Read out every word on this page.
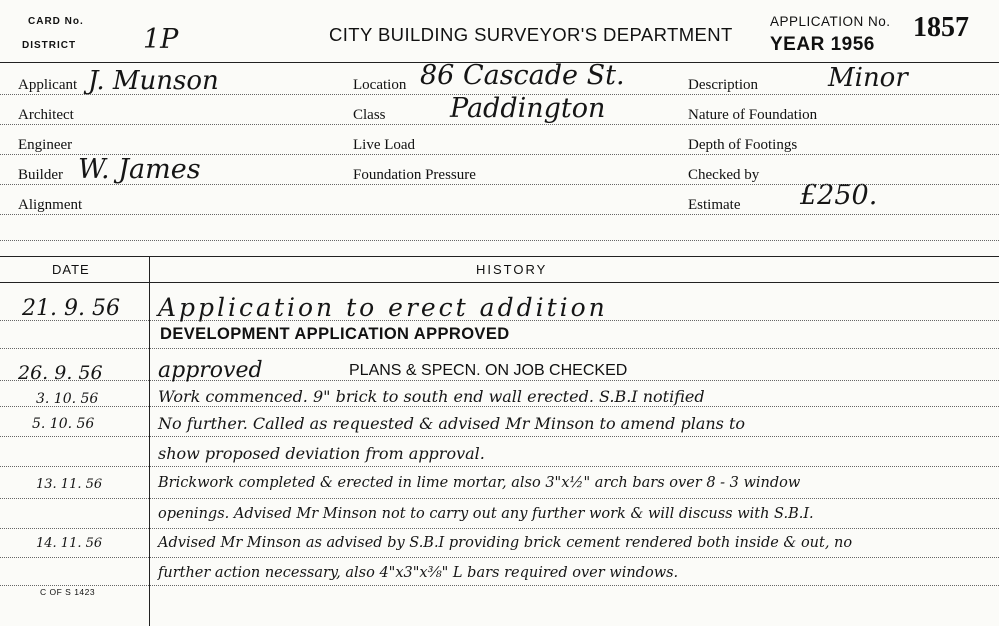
CARD No.
DISTRICT 1P	CITY BUILDING SURVEYOR'S DEPARTMENT
APPLICATION No. 1857
YEAR 1956
Applicant J. Munson
Architect
Engineer
Builder W. James
Alignment
Location 86 Cascade St.
Class Paddington
Live Load
Foundation Pressure
Description	Minor
Nature of Foundation
Depth of Footings
Checked by
Estimate £250.
DATE	HISTORY
21. 9. 56 Application to erect addition
DEVELOPMENT APPLICATION APPROVED
26. 9. 56	approved	PLANS & SPECN. ON JOB CHECKED
3. 10. 56	Work commenced. 9" brick to south end wall erected. S.B.I notified
5. 10. 56	No further. Called as requested & advised Mr Minson to amend plans to
show proposed deviation from approval.
13. 11. 56	Brickwork completed & erected in lime mortar, also 3"x½" arch bars over 8 - 3 window
openings. Advised Mr Minson not to carry out any further work & will discuss with S.B.I.
14. 11. 56	Advised Mr Minson as advised by S.B.I providing brick cement rendered both inside & out, no
further action necessary, also 4"x3"x⅜" L bars required over windows.
C OF S 1423
